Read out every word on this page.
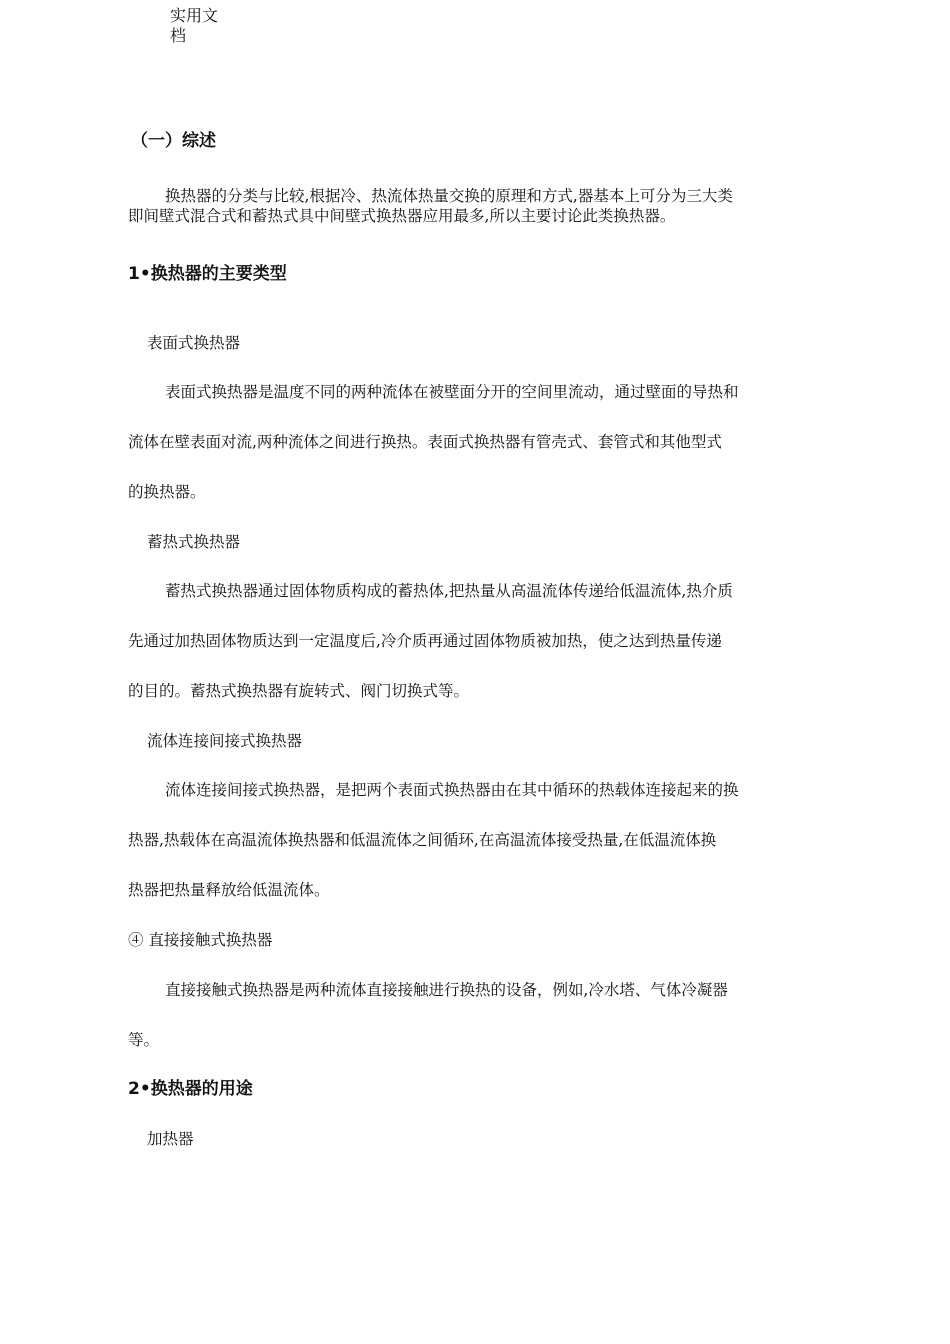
实用文档
（一）综述
换热器的分类与比较,根据冷、热流体热量交换的原理和方式,器基本上可分为三大类
即间壁式混合式和蓄热式具中间壁式换热器应用最多,所以主要讨论此类换热器。
1•换热器的主要类型
表面式换热器
表面式换热器是温度不同的两种流体在被壁面分开的空间里流动，通过壁面的导热和
流体在壁表面对流,两种流体之间进行换热。表面式换热器有管壳式、套管式和其他型式
的换热器。
蓄热式换热器
蓄热式换热器通过固体物质构成的蓄热体,把热量从高温流体传递给低温流体,热介质
先通过加热固体物质达到一定温度后,冷介质再通过固体物质被加热，使之达到热量传递
的目的。蓄热式换热器有旋转式、阀门切换式等。
流体连接间接式换热器
流体连接间接式换热器，是把两个表面式换热器由在其中循环的热载体连接起来的换
热器,热载体在高温流体换热器和低温流体之间循环,在高温流体接受热量,在低温流体换
热器把热量释放给低温流体。
④ 直接接触式换热器
直接接触式换热器是两种流体直接接触进行换热的设备，例如,冷水塔、气体冷凝器
等。
2•换热器的用途
加热器
